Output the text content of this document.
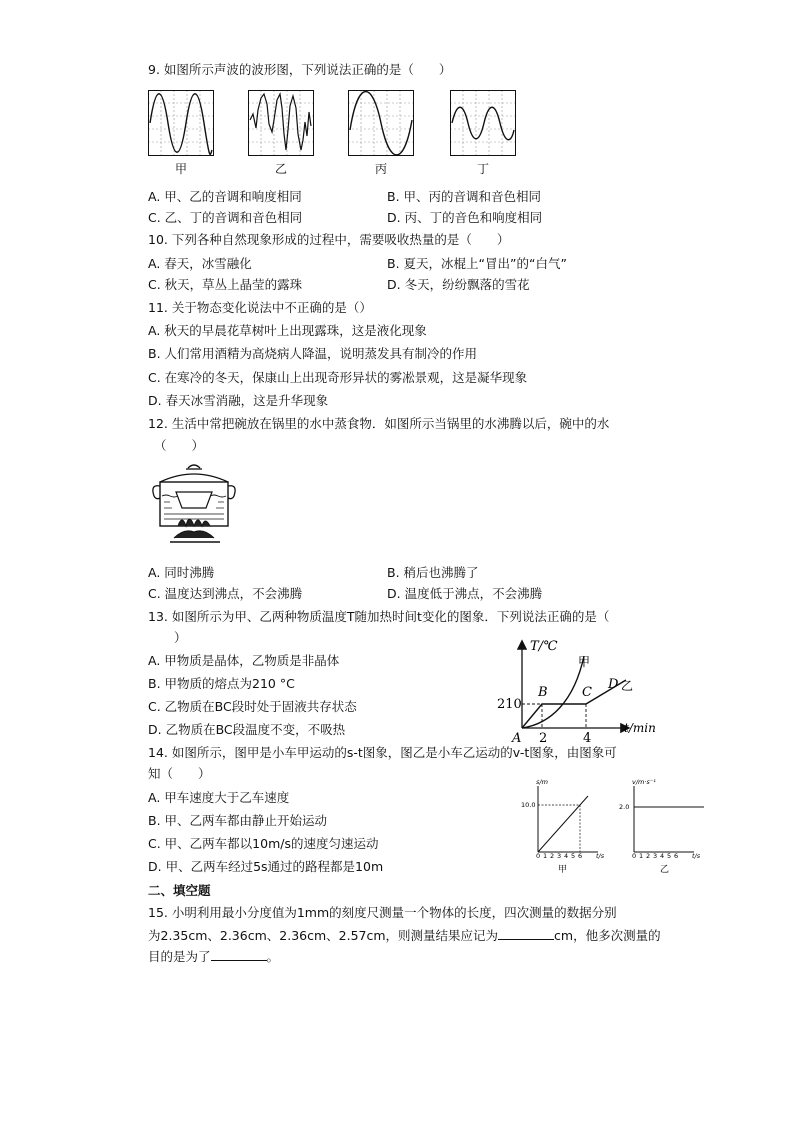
9. 如图所示声波的波形图，下列说法正确的是（　　）
甲	乙	丙	丁
A. 甲、乙的音调和响度相同	B. 甲、丙的音调和音色相同
C. 乙、丁的音调和音色相同	D. 丙、丁的音色和响度相同
10. 下列各种自然现象形成的过程中，需要吸收热量的是（　　）
A. 春天，冰雪融化	B. 夏天，冰棍上“冒出”的“白气”
C. 秋天，草丛上晶莹的露珠	D. 冬天，纷纷飘落的雪花
11. 关于物态变化说法中不正确的是（）
A. 秋天的早晨花草树叶上出现露珠，这是液化现象
B. 人们常用酒精为高烧病人降温，说明蒸发具有制冷的作用
C. 在寒冷的冬天，保康山上出现奇形异状的雾凇景观，这是凝华现象
D. 春天冰雪消融，这是升华现象
12. 生活中常把碗放在锅里的水中蒸食物．如图所示当锅里的水沸腾以后，碗中的水
（　　）
A. 同时沸腾	B. 稍后也沸腾了
C. 温度达到沸点，不会沸腾	D. 温度低于沸点，不会沸腾
13. 如图所示为甲、乙两种物质温度T随加热时间t变化的图象．下列说法正确的是（
）
A. 甲物质是晶体，乙物质是非晶体
B. 甲物质的熔点为210 °C
C. 乙物质在BC段时处于固液共存状态
D. 乙物质在BC段温度不变，不吸热
T/℃
t/min
210
2	4
A
B	C
D
甲
乙
14. 如图所示，图甲是小车甲运动的s-t图象，图乙是小车乙运动的v-t图象，由图象可
知（　　）
A. 甲车速度大于乙车速度
B. 甲、乙两车都由静止开始运动
C. 甲、乙两车都以10m/s的速度匀速运动
D. 甲、乙两车经过5s通过的路程都是10m
s/m
t/s
10.0
0 1 2 3 4 5 6
甲
v/m·s⁻¹
t/s
2.0
0 1 2 3 4 5 6
乙
二、填空题
15. 小明利用最小分度值为1mm的刻度尺测量一个物体的长度，四次测量的数据分别
为2.35cm、2.36cm、2.36cm、2.57cm，则测量结果应记为	cm，他多次测量的
目的是为了	。
